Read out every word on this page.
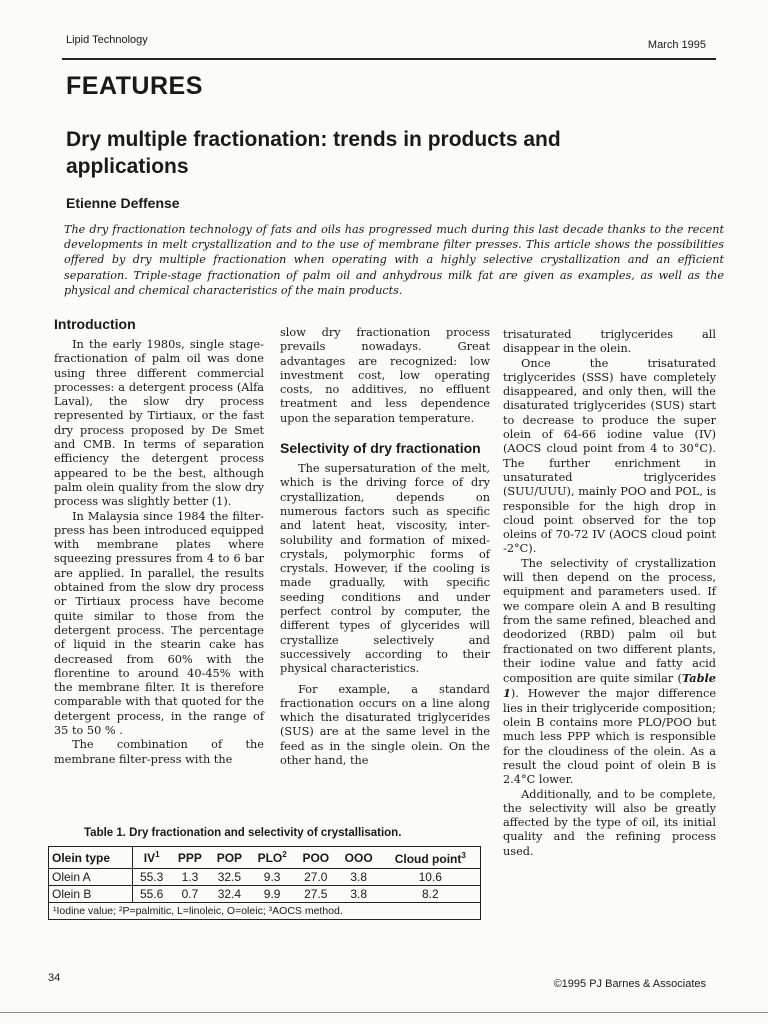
Lipid Technology	March 1995
FEATURES
Dry multiple fractionation: trends in products and applications
Etienne Deffense
The dry fractionation technology of fats and oils has progressed much during this last decade thanks to the recent developments in melt crystallization and to the use of membrane filter presses. This article shows the possibilities offered by dry multiple fractionation when operating with a highly selective crystallization and an efficient separation. Triple-stage fractionation of palm oil and anhydrous milk fat are given as examples, as well as the physical and chemical characteristics of the main products.
Introduction

In the early 1980s, single stage-fractionation of palm oil was done using three different commercial processes: a detergent process (Alfa Laval), the slow dry process represented by Tirtiaux, or the fast dry process proposed by De Smet and CMB. In terms of separation efficiency the detergent process appeared to be the best, although palm olein quality from the slow dry process was slightly better (1).

In Malaysia since 1984 the filter-press has been introduced equipped with membrane plates where squeezing pressures from 4 to 6 bar are applied. In parallel, the results obtained from the slow dry process or Tirtiaux process have become quite similar to those from the detergent process. The percentage of liquid in the stearin cake has decreased from 60% with the florentine to around 40-45% with the membrane filter. It is therefore comparable with that quoted for the detergent process, in the range of 35 to 50 % .

The combination of the membrane filter-press with the

slow dry fractionation process prevails nowadays. Great advantages are recognized: low investment cost, low operating costs, no additives, no effluent treatment and less dependence upon the separation temperature.

Selectivity of dry fractionation

The supersaturation of the melt, which is the driving force of dry crystallization, depends on numerous factors such as specific and latent heat, viscosity, inter-solubility and formation of mixed-crystals, polymorphic forms of crystals. However, if the cooling is made gradually, with specific seeding conditions and under perfect control by computer, the different types of glycerides will crystallize selectively and successively according to their physical characteristics.

For example, a standard fractionation occurs on a line along which the disaturated triglycerides (SUS) are at the same level in the feed as in the single olein. On the other hand, the

trisaturated triglycerides all disappear in the olein.

Once the trisaturated triglycerides (SSS) have completely disappeared, and only then, will the disaturated triglycerides (SUS) start to decrease to produce the super olein of 64-66 iodine value (IV) (AOCS cloud point from 4 to 30°C). The further enrichment in unsaturated triglycerides (SUU/UUU), mainly POO and POL, is responsible for the high drop in cloud point observed for the top oleins of 70-72 IV (AOCS cloud point -2°C).

The selectivity of crystallization will then depend on the process, equipment and parameters used. If we compare olein A and B resulting from the same refined, bleached and deodorized (RBD) palm oil but fractionated on two different plants, their iodine value and fatty acid composition are quite similar (Table 1). However the major difference lies in their triglyceride composition; olein B contains more PLO/POO but much less PPP which is responsible for the cloudiness of the olein. As a result the cloud point of olein B is 2.4°C lower.

Additionally, and to be complete, the selectivity will also be greatly affected by the type of oil, its initial quality and the refining process used.

Table 1. Dry fractionation and selectivity of crystallisation.
Olein type	$IV^1$	PPP	POP	PLO$^2$	POO	OOO	Cloud point$^3$
Olein A	55.3	1.3	32.5	9.3	27.0	3.8	10.6
Olein B	55.6	0.7	32.4	9.9	27.5	3.8	8.2
¹Iodine value; ²P=palmitic, L=linoleic, O=oleic; ³AOCS method.							
34	©1995 PJ Barnes & Associates
